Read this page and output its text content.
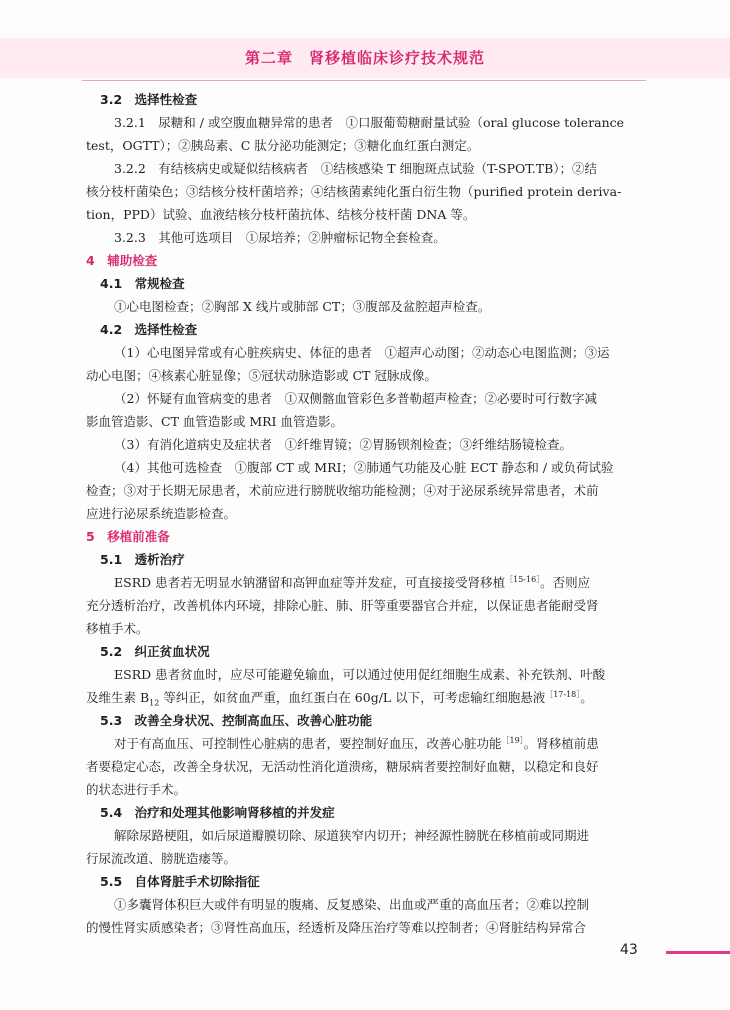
第二章　肾移植临床诊疗技术规范
3.2　选择性检查

3.2.1　尿糖和 / 或空腹血糖异常的患者　①口服葡萄糖耐量试验（oral glucose tolerance
test，OGTT）；②胰岛素、C 肽分泌功能测定；③糖化血红蛋白测定。

3.2.2　有结核病史或疑似结核病者　①结核感染 T 细胞斑点试验（T-SPOT.TB）；②结
核分枝杆菌染色；③结核分枝杆菌培养；④结核菌素纯化蛋白衍生物（purified protein deriva-
tion，PPD）试验、血液结核分枝杆菌抗体、结核分枝杆菌 DNA 等。

3.2.3　其他可选项目　①尿培养；②肿瘤标记物全套检查。

4　辅助检查
4.1　常规检查

①心电图检查；②胸部 X 线片或肺部 CT；③腹部及盆腔超声检查。

4.2　选择性检查

（1）心电图异常或有心脏疾病史、体征的患者　①超声心动图；②动态心电图监测；③运
动心电图；④核素心脏显像；⑤冠状动脉造影或 CT 冠脉成像。

（2）怀疑有血管病变的患者　①双侧髂血管彩色多普勒超声检查；②必要时可行数字减
影血管造影、CT 血管造影或 MRI 血管造影。

（3）有消化道病史及症状者　①纤维胃镜；②胃肠钡剂检查；③纤维结肠镜检查。

（4）其他可选检查　①腹部 CT 或 MRI；②肺通气功能及心脏 ECT 静态和 / 或负荷试验
检查；③对于长期无尿患者，术前应进行膀胱收缩功能检测；④对于泌尿系统异常患者，术前
应进行泌尿系统造影检查。

5　移植前准备
5.1　透析治疗

ESRD 患者若无明显水钠潴留和高钾血症等并发症，可直接接受肾移植$^{[15-16]}$。否则应
充分透析治疗，改善机体内环境，排除心脏、肺、肝等重要器官合并症，以保证患者能耐受肾
移植手术。

5.2　纠正贫血状况

ESRD 患者贫血时，应尽可能避免输血，可以通过使用促红细胞生成素、补充铁剂、叶酸
及维生素 $B_{12}$ 等纠正，如贫血严重，血红蛋白在 60g/L 以下，可考虑输红细胞悬液$^{[17-18]}$。

5.3　改善全身状况、控制高血压、改善心脏功能

对于有高血压、可控制性心脏病的患者，要控制好血压，改善心脏功能$^{[19]}$。肾移植前患
者要稳定心态，改善全身状况，无活动性消化道溃疡，糖尿病者要控制好血糖，以稳定和良好
的状态进行手术。

5.4　治疗和处理其他影响肾移植的并发症

解除尿路梗阻，如后尿道瓣膜切除、尿道狭窄内切开；神经源性膀胱在移植前或同期进
行尿流改道、膀胱造瘘等。

5.5　自体肾脏手术切除指征

①多囊肾体积巨大或伴有明显的腹痛、反复感染、出血或严重的高血压者；②难以控制
的慢性肾实质感染者；③肾性高血压，经透析及降压治疗等难以控制者；④肾脏结构异常合

43
